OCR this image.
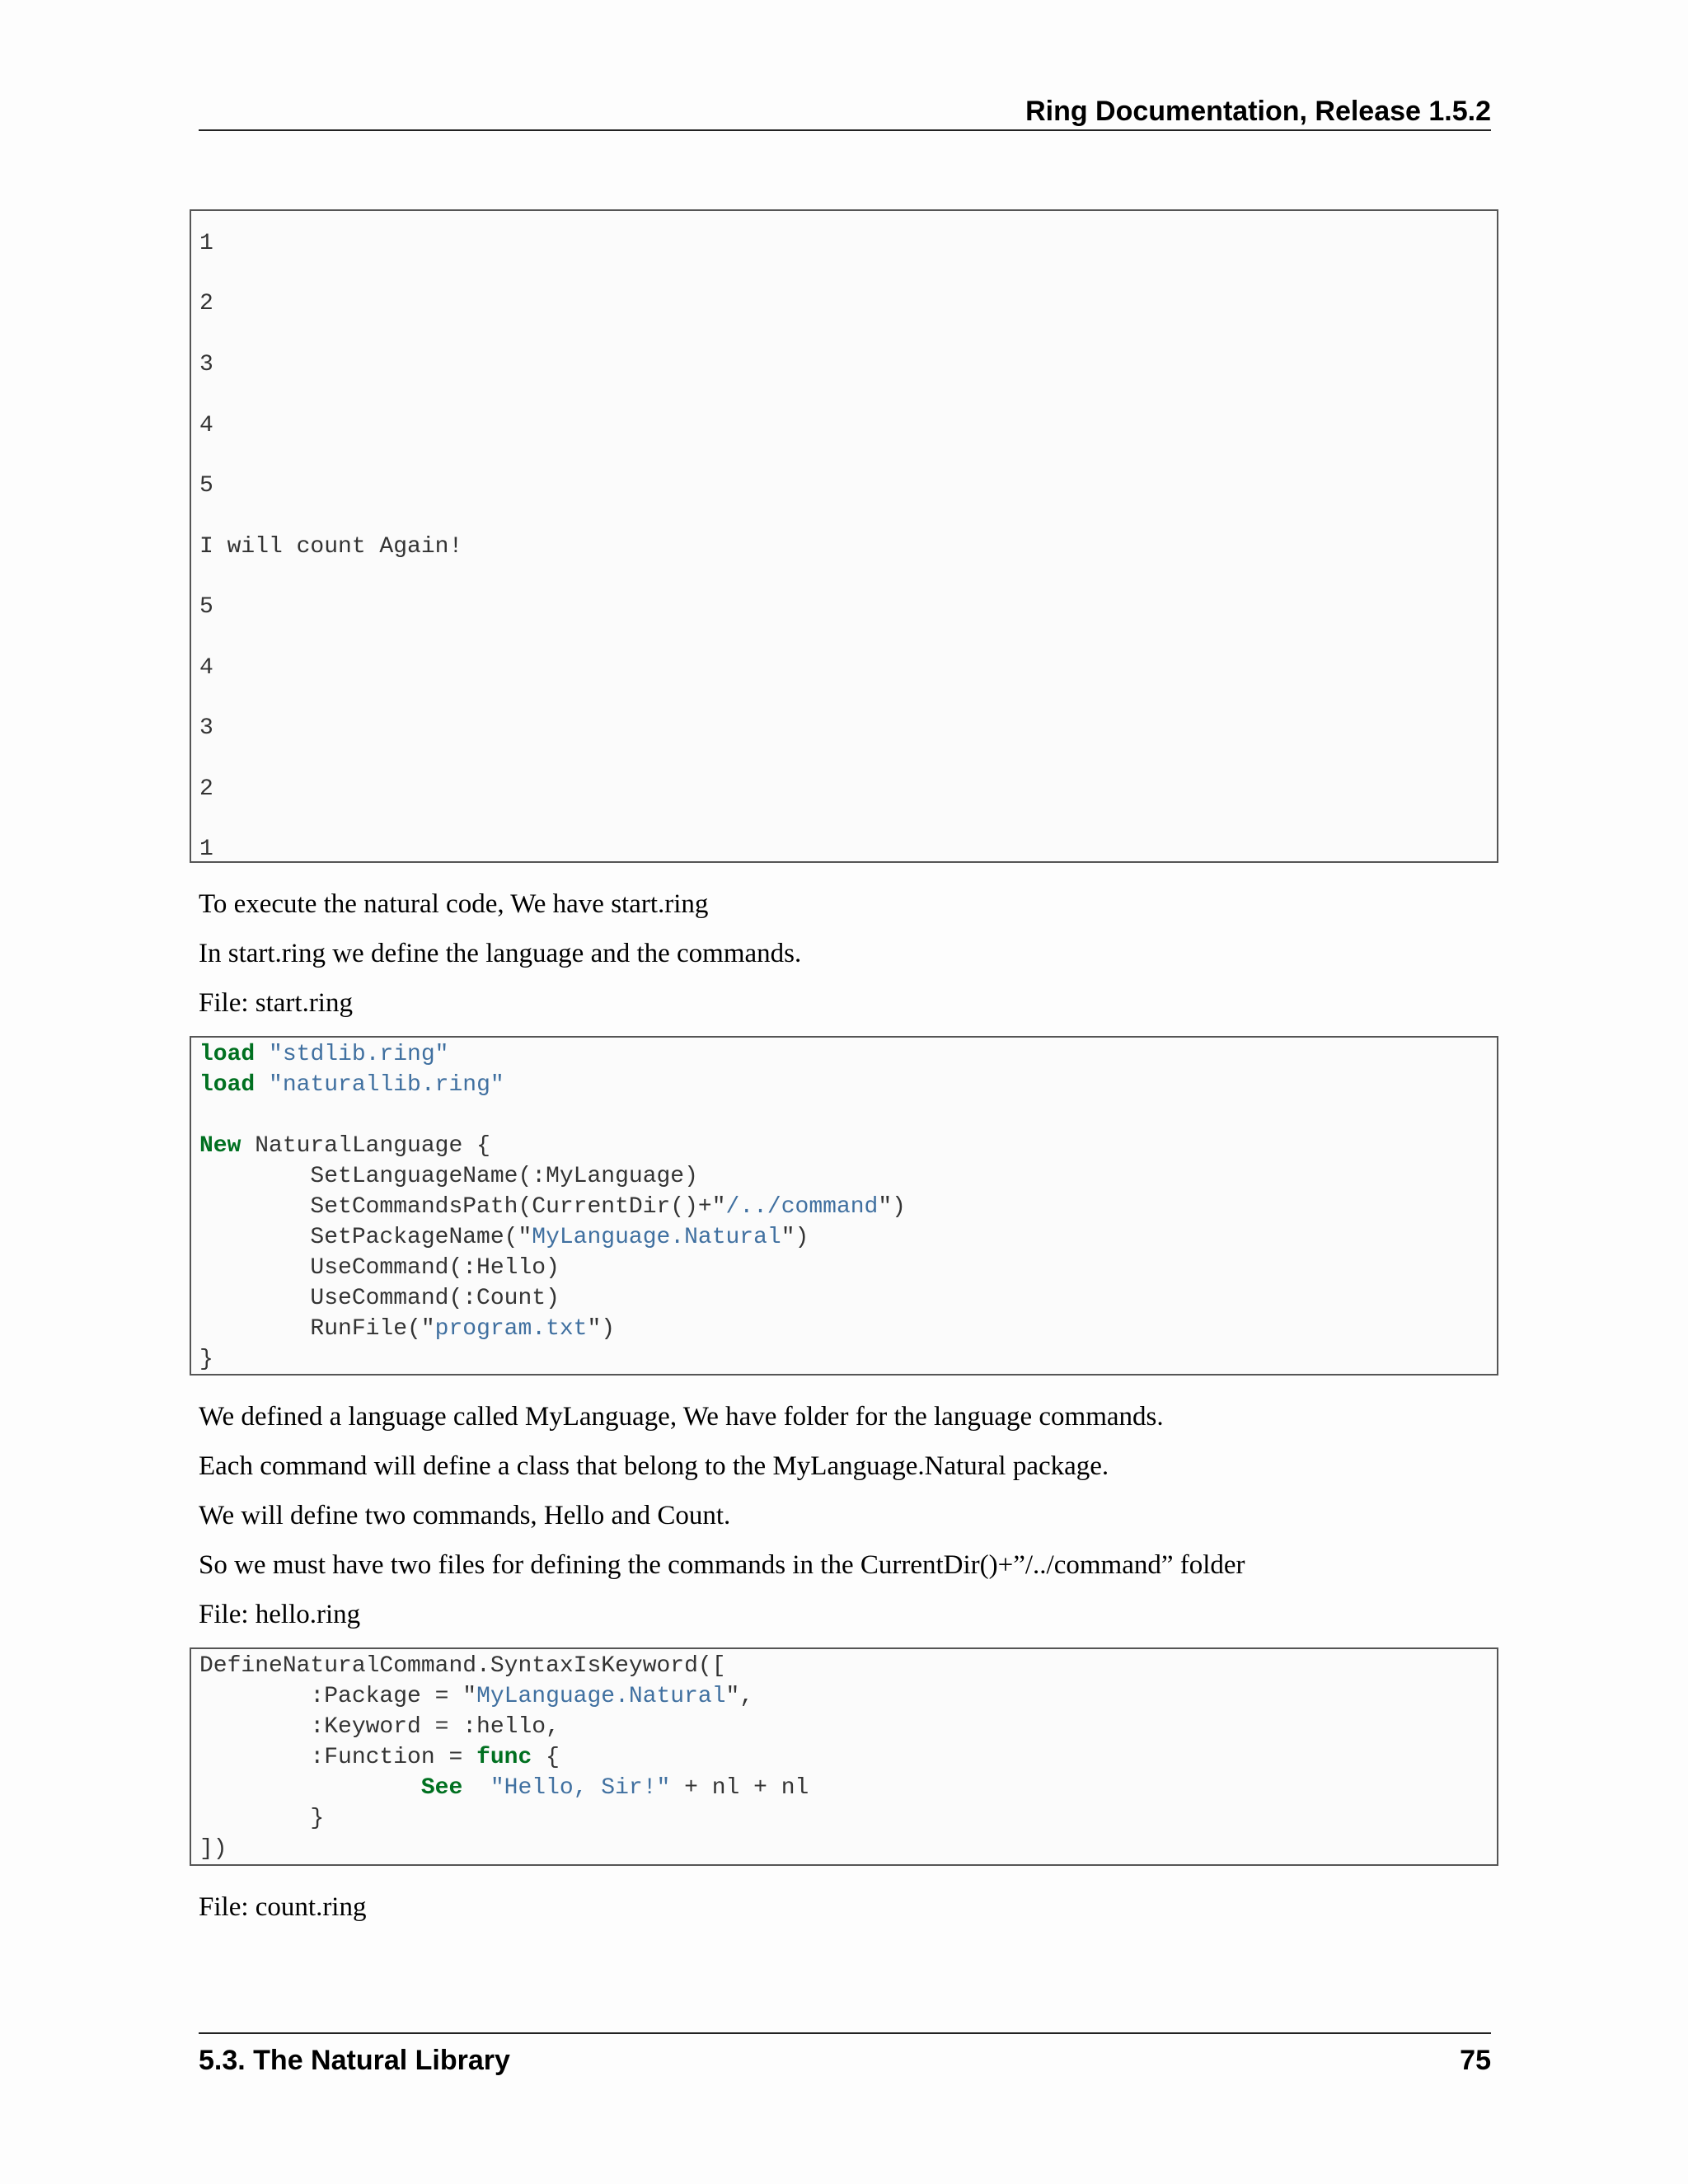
Ring Documentation, Release 1.5.2
1
2
3
4
5
I will count Again!
5
4
3
2
1
To execute the natural code, We have start.ring
In start.ring we define the language and the commands.
File: start.ring
load "stdlib.ring"
load "naturallib.ring"
New NaturalLanguage {
SetLanguageName(:MyLanguage)
SetCommandsPath(CurrentDir()+"/../command")
SetPackageName("MyLanguage.Natural")
UseCommand(:Hello)
UseCommand(:Count)
RunFile("program.txt")
}
We defined a language called MyLanguage, We have folder for the language commands.
Each command will define a class that belong to the MyLanguage.Natural package.
We will define two commands, Hello and Count.
So we must have two files for defining the commands in the CurrentDir()+”/../command” folder
File: hello.ring
DefineNaturalCommand.SyntaxIsKeyword([
:Package = "MyLanguage.Natural",
:Keyword = :hello,
:Function = func {
See  "Hello, Sir!" + nl + nl
}
])
File: count.ring
5.3. The Natural Library	75
